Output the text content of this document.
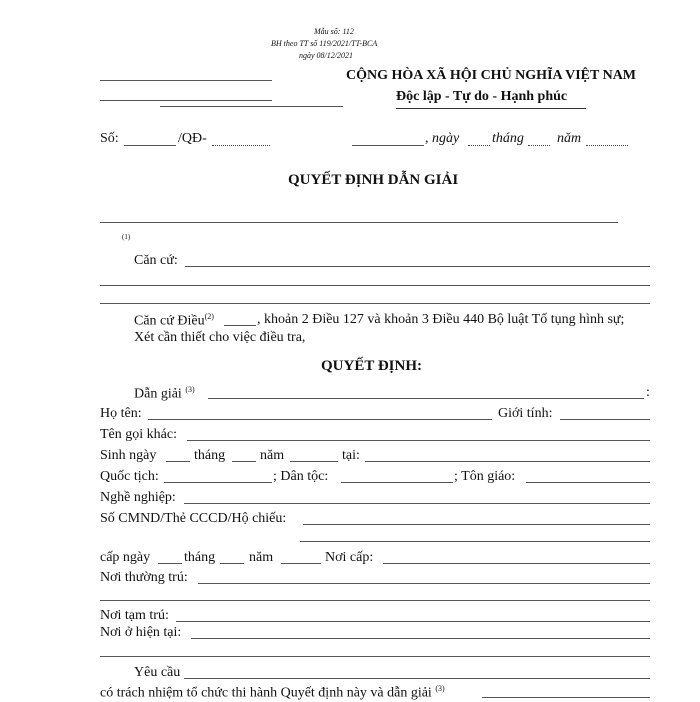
Mẫu số: 112
BH theo TT số 119/2021/TT-BCA
ngày 08/12/2021
CỘNG HÒA XÃ HỘI CHỦ NGHĨA VIỆT NAM
Độc lập - Tự do - Hạnh phúc
Số:	/QĐ-	, ngày tháng năm
QUYẾT ĐỊNH DẪN GIẢI
(1)
Căn cứ:
Căn cứ Điều$^{(2)}$	, khoản 2 Điều 127 và khoản 3 Điều 440 Bộ luật Tố tụng hình sự;
Xét cần thiết cho việc điều tra,
QUYẾT ĐỊNH:
Dẫn giải $^{(3)}$	:
Họ tên:	Giới tính:
Tên gọi khác:
Sinh ngày	tháng năm	tại:
Quốc tịch:	; Dân tộc:	; Tôn giáo:
Nghề nghiệp:
Số CMND/Thẻ CCCD/Hộ chiếu:
cấp ngày tháng năm	Nơi cấp:
Nơi thường trú:
Nơi tạm trú:
Nơi ở hiện tại:
Yêu cầu
có trách nhiệm tổ chức thi hành Quyết định này và dẫn giải $^{(3)}$
